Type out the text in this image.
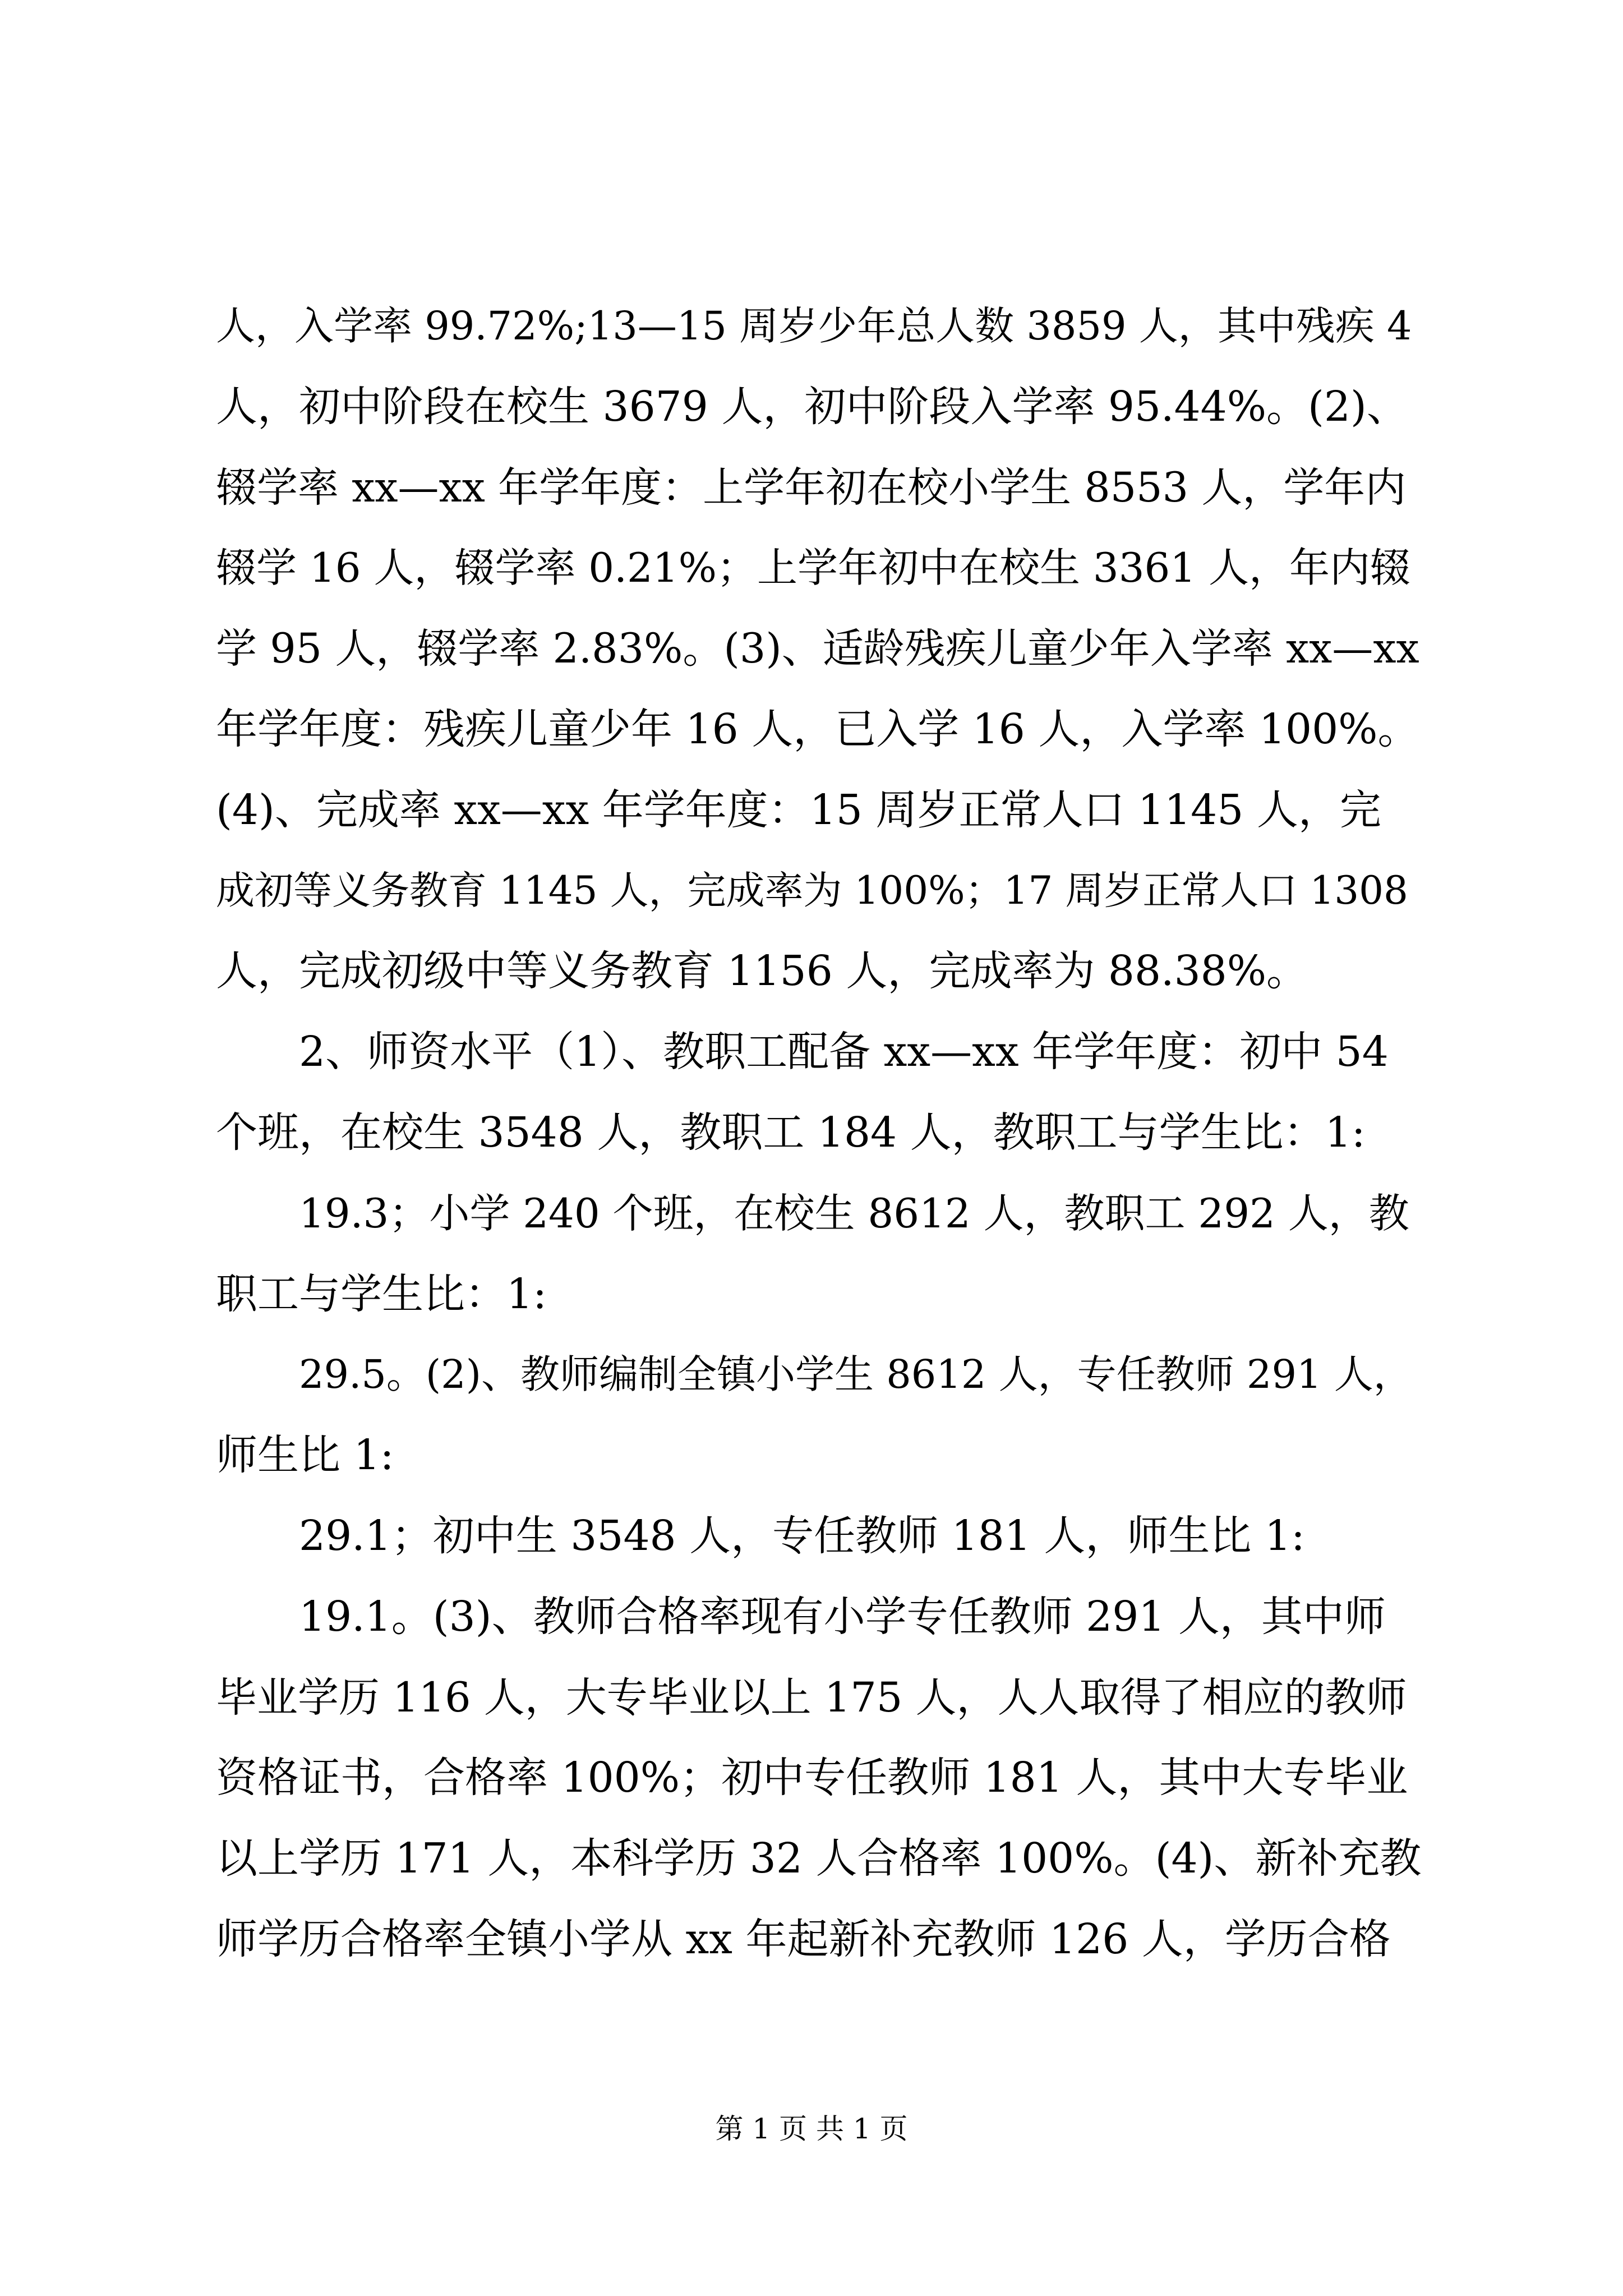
人，入学率 99.72%;13—15 周岁少年总人数 3859 人，其中残疾 4
人，初中阶段在校生 3679 人，初中阶段入学率 95.44%。(2)、
辍学率 xx—xx 年学年度：上学年初在校小学生 8553 人，学年内
辍学 16 人，辍学率 0.21%；上学年初中在校生 3361 人，年内辍
学 95 人，辍学率 2.83%。(3)、适龄残疾儿童少年入学率 xx—xx
年学年度：残疾儿童少年 16 人，已入学 16 人，入学率 100%。
(4)、完成率 xx—xx 年学年度：15 周岁正常人口 1145 人，完
成初等义务教育 1145 人，完成率为 100%；17 周岁正常人口 1308
人，完成初级中等义务教育 1156 人，完成率为 88.38%。
2、师资水平（1）、教职工配备 xx—xx 年学年度：初中 54
个班，在校生 3548 人，教职工 184 人，教职工与学生比：1:
19.3；小学 240 个班，在校生 8612 人，教职工 292 人，教
职工与学生比：1:
29.5。(2)、教师编制全镇小学生 8612 人，专任教师 291 人，
师生比 1:
29.1；初中生 3548 人，专任教师 181 人，师生比 1:
19.1。(3)、教师合格率现有小学专任教师 291 人，其中师
毕业学历 116 人，大专毕业以上 175 人，人人取得了相应的教师
资格证书，合格率 100%；初中专任教师 181 人，其中大专毕业
以上学历 171 人，本科学历 32 人合格率 100%。(4)、新补充教
师学历合格率全镇小学从 xx 年起新补充教师 126 人，学历合格
第 1 页 共 1 页
